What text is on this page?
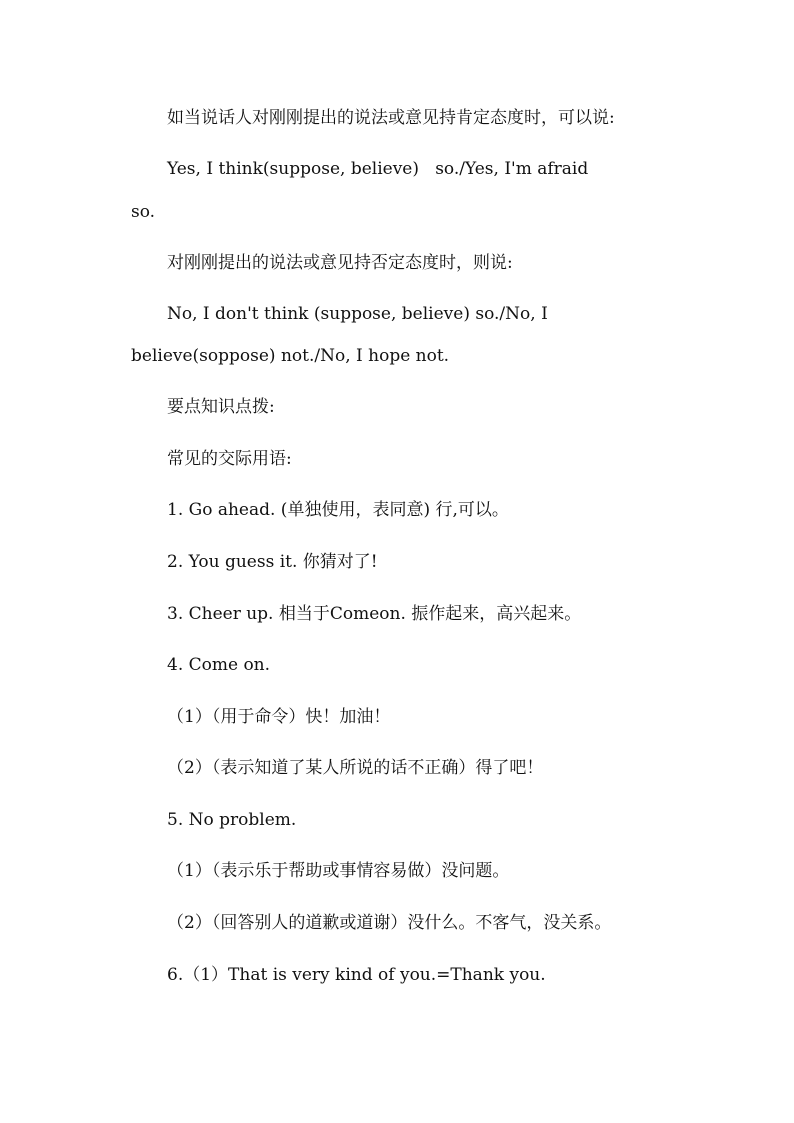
如当说话人对刚刚提出的说法或意见持肯定态度时，可以说:
Yes, I think(suppose, believe)   so./Yes, I'm afraid
so.
对刚刚提出的说法或意见持否定态度时，则说:
No, I don't think (suppose, believe) so./No, I
believe(soppose) not./No, I hope not.
要点知识点拨:
常见的交际用语:
1. Go ahead. (单独使用，表同意) 行,可以。
2. You guess it. 你猜对了!
3. Cheer up. 相当于Comeon. 振作起来，高兴起来。
4. Come on.
（1）（用于命令）快！加油！
（2）（表示知道了某人所说的话不正确）得了吧！
5. No problem.
（1）（表示乐于帮助或事情容易做）没问题。
（2）（回答别人的道歉或道谢）没什么。不客气，没关系。
6.（1）That is very kind of you.=Thank you.
